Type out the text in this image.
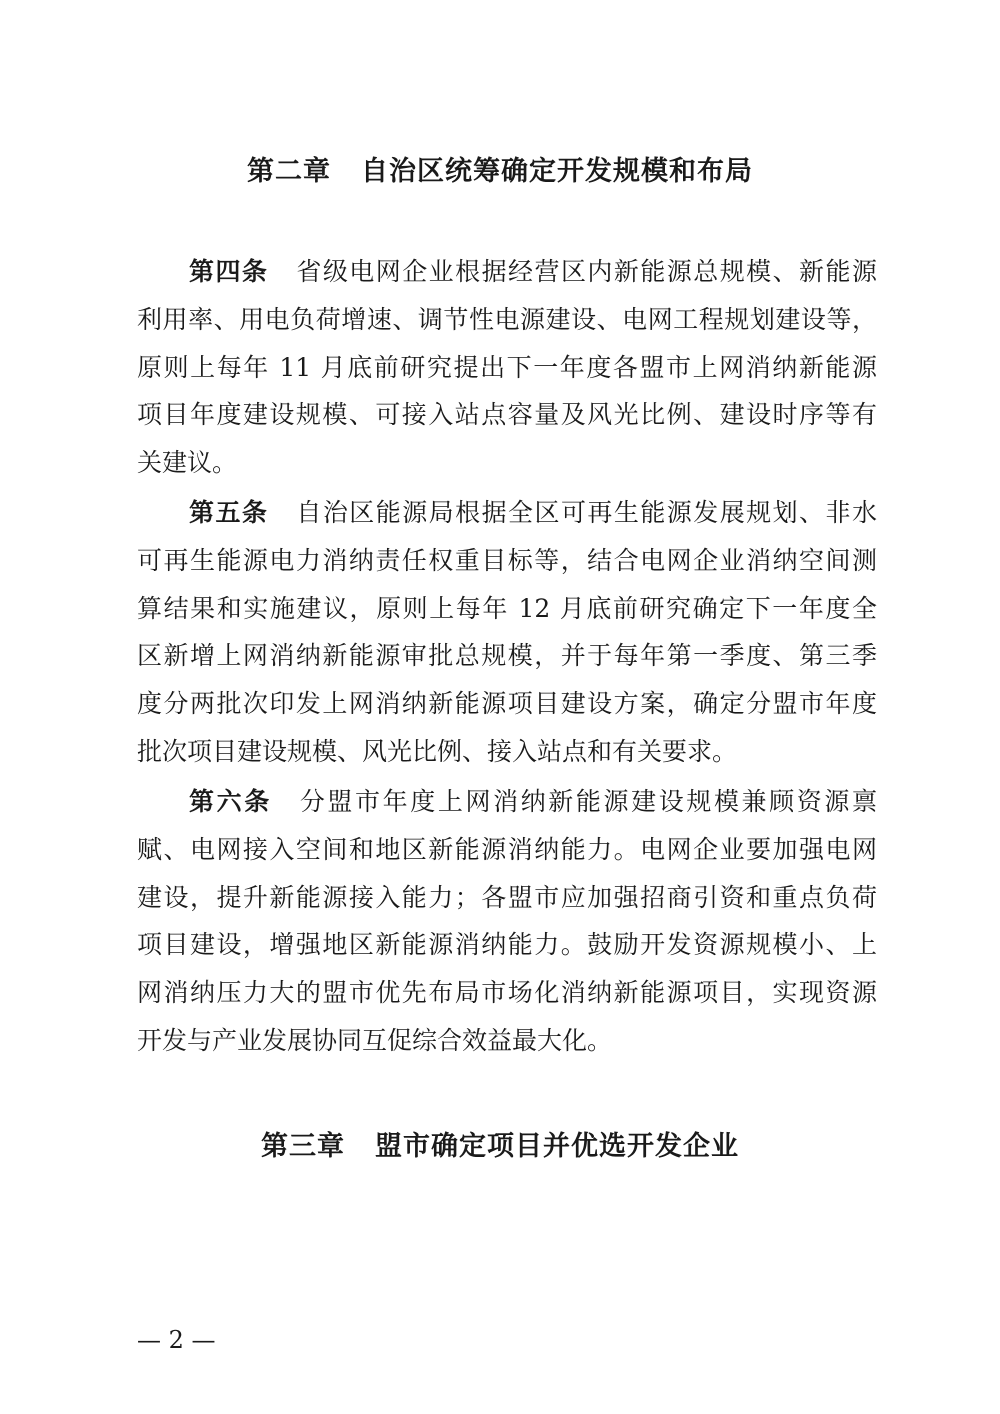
第二章 自治区统筹确定开发规模和布局
第四条 省级电网企业根据经营区内新能源总规模、新能源
利用率、用电负荷增速、调节性电源建设、电网工程规划建设等，
原则上每年 11 月底前研究提出下一年度各盟市上网消纳新能源
项目年度建设规模、可接入站点容量及风光比例、建设时序等有
关建议。
第五条 自治区能源局根据全区可再生能源发展规划、非水
可再生能源电力消纳责任权重目标等，结合电网企业消纳空间测
算结果和实施建议，原则上每年 12 月底前研究确定下一年度全
区新增上网消纳新能源审批总规模，并于每年第一季度、第三季
度分两批次印发上网消纳新能源项目建设方案，确定分盟市年度
批次项目建设规模、风光比例、接入站点和有关要求。
第六条 分盟市年度上网消纳新能源建设规模兼顾资源禀
赋、电网接入空间和地区新能源消纳能力。电网企业要加强电网
建设，提升新能源接入能力；各盟市应加强招商引资和重点负荷
项目建设，增强地区新能源消纳能力。鼓励开发资源规模小、上
网消纳压力大的盟市优先布局市场化消纳新能源项目，实现资源
开发与产业发展协同互促综合效益最大化。
第三章 盟市确定项目并优选开发企业
— 2 —
